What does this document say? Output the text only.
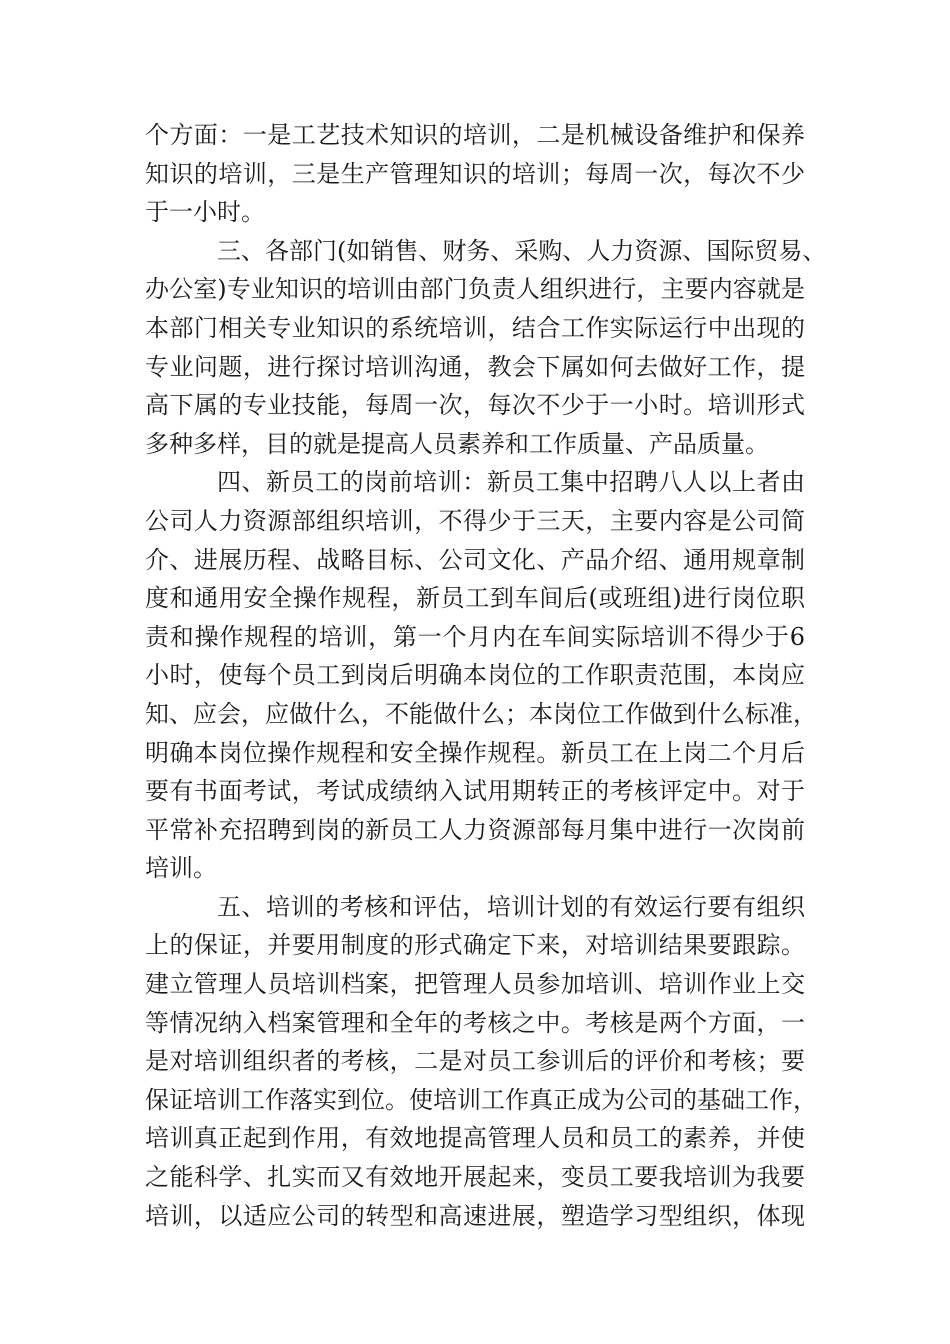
个方面：一是工艺技术知识的培训，二是机械设备维护和保养
知识的培训，三是生产管理知识的培训；每周一次，每次不少
于一小时。
三、各部门(如销售、财务、采购、人力资源、国际贸易、
办公室)专业知识的培训由部门负责人组织进行，主要内容就是
本部门相关专业知识的系统培训，结合工作实际运行中出现的
专业问题，进行探讨培训沟通，教会下属如何去做好工作，提
高下属的专业技能，每周一次，每次不少于一小时。培训形式
多种多样，目的就是提高人员素养和工作质量、产品质量。
四、新员工的岗前培训：新员工集中招聘八人以上者由
公司人力资源部组织培训，不得少于三天，主要内容是公司简
介、进展历程、战略目标、公司文化、产品介绍、通用规章制
度和通用安全操作规程，新员工到车间后(或班组)进行岗位职
责和操作规程的培训，第一个月内在车间实际培训不得少于6
小时，使每个员工到岗后明确本岗位的工作职责范围，本岗应
知、应会，应做什么，不能做什么；本岗位工作做到什么标准，
明确本岗位操作规程和安全操作规程。新员工在上岗二个月后
要有书面考试，考试成绩纳入试用期转正的考核评定中。对于
平常补充招聘到岗的新员工人力资源部每月集中进行一次岗前
培训。
五、培训的考核和评估，培训计划的有效运行要有组织
上的保证，并要用制度的形式确定下来，对培训结果要跟踪。
建立管理人员培训档案，把管理人员参加培训、培训作业上交
等情况纳入档案管理和全年的考核之中。考核是两个方面，一
是对培训组织者的考核，二是对员工参训后的评价和考核；要
保证培训工作落实到位。使培训工作真正成为公司的基础工作，
培训真正起到作用，有效地提高管理人员和员工的素养，并使
之能科学、扎实而又有效地开展起来，变员工要我培训为我要
培训，以适应公司的转型和高速进展，塑造学习型组织，体现
